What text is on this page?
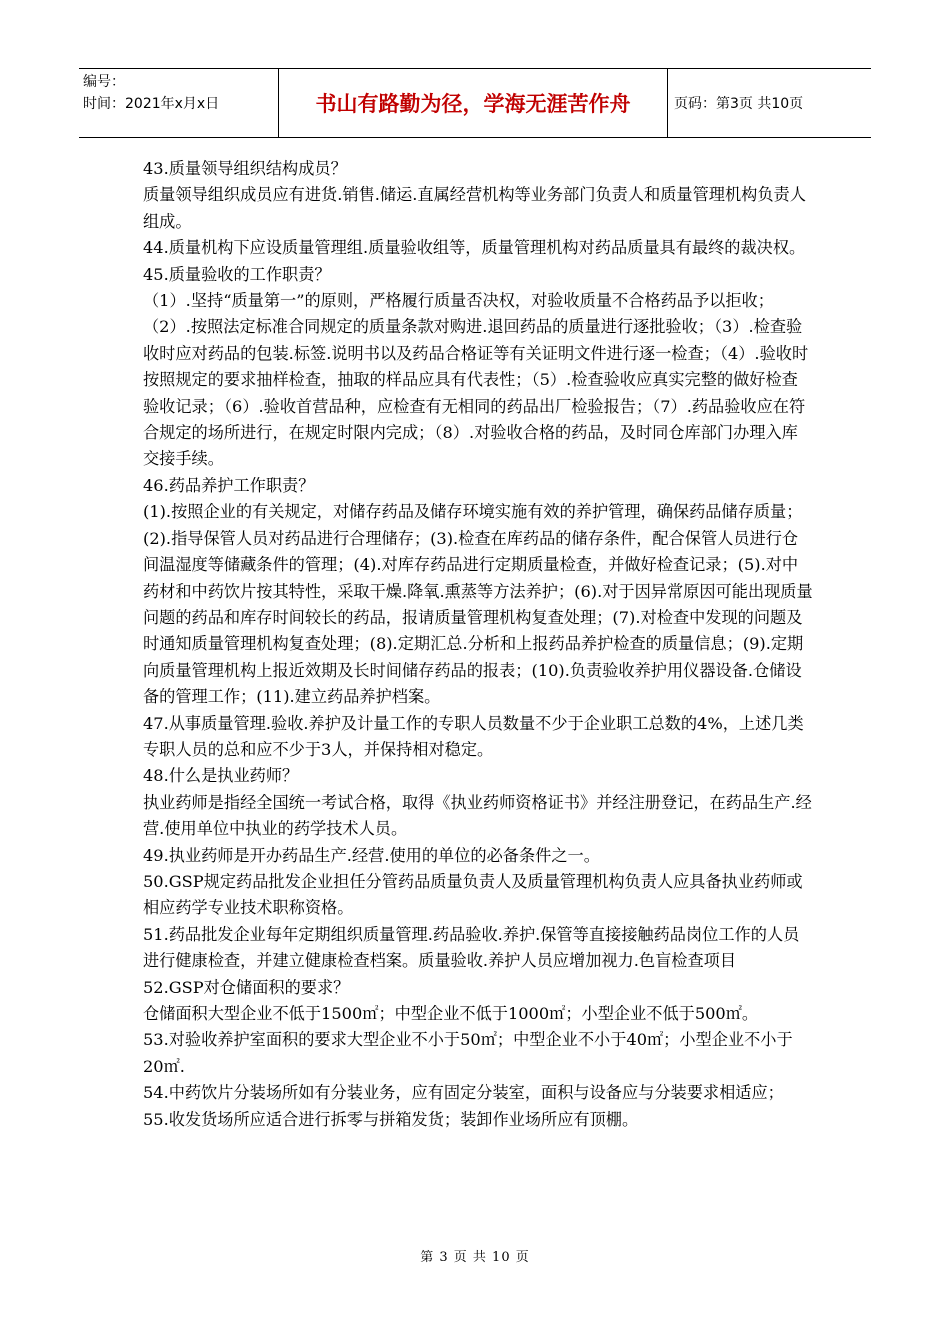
编号：
时间：2021年x月x日	书山有路勤为径，学海无涯苦作舟	页码：第3页 共10页

43.质量领导组织结构成员？

质量领导组织成员应有进货.销售.储运.直属经营机构等业务部门负责人和质量管理机构负责人组成。

44.质量机构下应设质量管理组.质量验收组等，质量管理机构对药品质量具有最终的裁决权。

45.质量验收的工作职责？

（1）.坚持“质量第一”的原则，严格履行质量否决权，对验收质量不合格药品予以拒收；（2）.按照法定标准合同规定的质量条款对购进.退回药品的质量进行逐批验收；（3）.检查验收时应对药品的包装.标签.说明书以及药品合格证等有关证明文件进行逐一检查；（4）.验收时按照规定的要求抽样检查，抽取的样品应具有代表性；（5）.检查验收应真实完整的做好检查验收记录；（6）.验收首营品种，应检查有无相同的药品出厂检验报告；（7）.药品验收应在符合规定的场所进行，在规定时限内完成；（8）.对验收合格的药品，及时同仓库部门办理入库交接手续。

46.药品养护工作职责？

(1).按照企业的有关规定，对储存药品及储存环境实施有效的养护管理，确保药品储存质量；(2).指导保管人员对药品进行合理储存；(3).检查在库药品的储存条件，配合保管人员进行仓间温湿度等储藏条件的管理；(4).对库存药品进行定期质量检查，并做好检查记录；(5).对中药材和中药饮片按其特性，采取干燥.降氧.熏蒸等方法养护；(6).对于因异常原因可能出现质量问题的药品和库存时间较长的药品，报请质量管理机构复查处理；(7).对检查中发现的问题及时通知质量管理机构复查处理；(8).定期汇总.分析和上报药品养护检查的质量信息；(9).定期向质量管理机构上报近效期及长时间储存药品的报表；(10).负责验收养护用仪器设备.仓储设备的管理工作；(11).建立药品养护档案。

47.从事质量管理.验收.养护及计量工作的专职人员数量不少于企业职工总数的4%，上述几类专职人员的总和应不少于3人，并保持相对稳定。

48.什么是执业药师？

执业药师是指经全国统一考试合格，取得《执业药师资格证书》并经注册登记，在药品生产.经营.使用单位中执业的药学技术人员。

49.执业药师是开办药品生产.经营.使用的单位的必备条件之一。

50.GSP规定药品批发企业担任分管药品质量负责人及质量管理机构负责人应具备执业药师或相应药学专业技术职称资格。

51.药品批发企业每年定期组织质量管理.药品验收.养护.保管等直接接触药品岗位工作的人员进行健康检查，并建立健康检查档案。质量验收.养护人员应增加视力.色盲检查项目

52.GSP对仓储面积的要求？

仓储面积大型企业不低于1500㎡；中型企业不低于1000㎡；小型企业不低于500㎡。

53.对验收养护室面积的要求大型企业不小于50㎡；中型企业不小于40㎡；小型企业不小于20㎡.

54.中药饮片分装场所如有分装业务，应有固定分装室，面积与设备应与分装要求相适应；

55.收发货场所应适合进行拆零与拼箱发货；装卸作业场所应有顶棚。

第 3 页 共 10 页
